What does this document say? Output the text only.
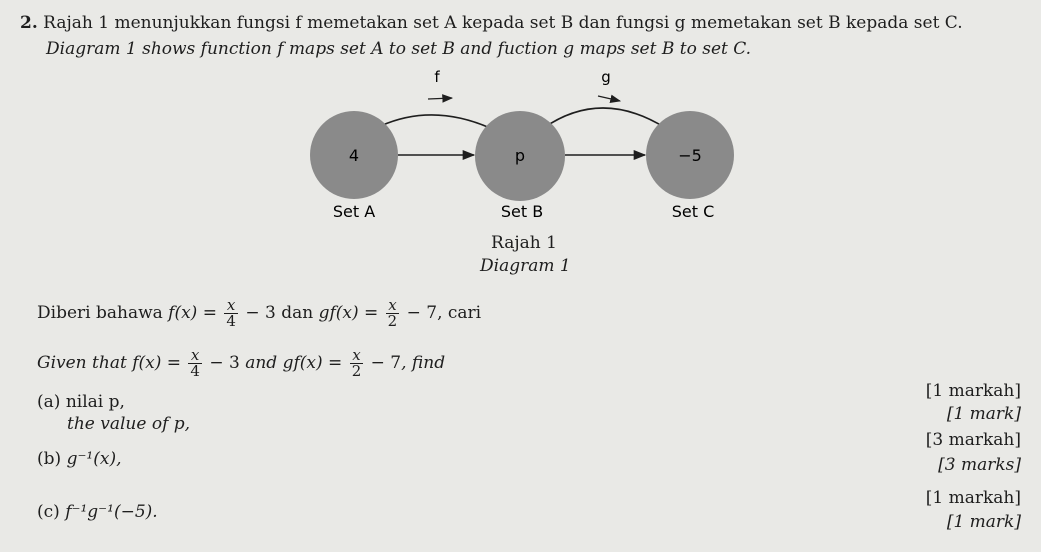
2. Rajah 1 menunjukkan fungsi f memetakan set A kepada set B dan fungsi g memetakan set B kepada set C.
Diagram 1 shows function f maps set A to set B and fuction g maps set B to set C.
f	g
4	p	−5
Set A	Set B	Set C
Rajah 1
Diagram 1
Diberi bahawa $f(x) = \frac{x}{4} - 3$ dan $gf(x) = \frac{x}{2} - 7$, cari
Given that $f(x) = \frac{x}{4} - 3$ and $gf(x) = \frac{x}{2} - 7$, find
(a) nilai p,
the value of p,
[1 markah]
[1 mark]
(b) g⁻¹(x),
[3 markah]
[3 marks]
(c) f⁻¹g⁻¹(−5).
[1 markah]
[1 mark]
